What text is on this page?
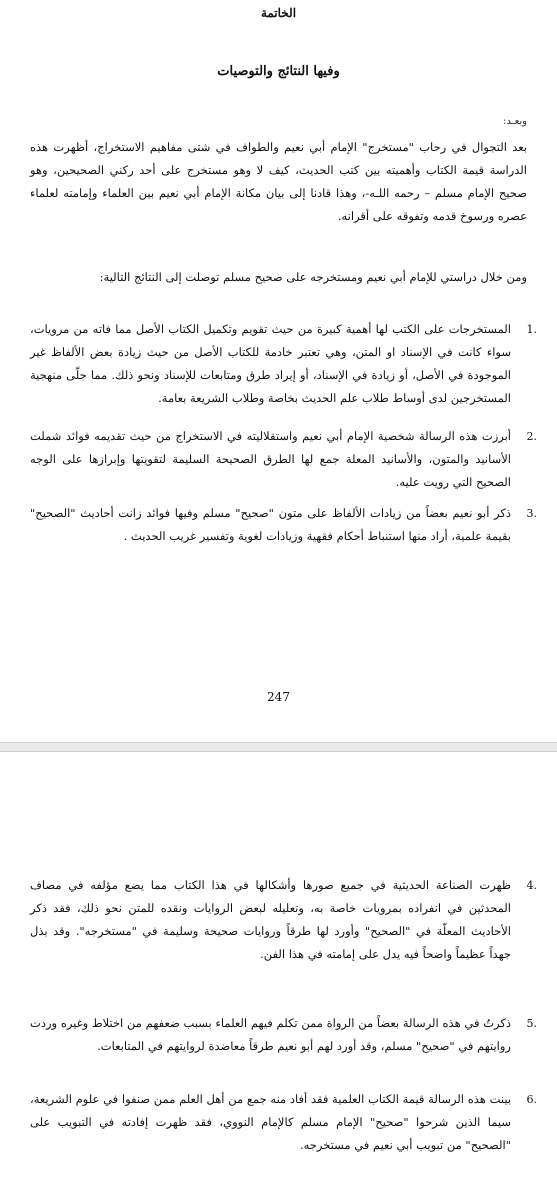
الخاتمة
وفيها النتائج والتوصيات
وبعـد:
بعد التجوال في رحاب "مستخرج" الإمام أبي نعيم والطواف في شتى مفاهيم الاستخراج، أظهرت هذه الدراسة قيمة الكتاب وأهميته بين كتب الحديث، كيف لا وهو مستخرج على أحد ركني الصحيحين، وهو صحيح الإمام مسلم – رحمه اللـه-، وهذا قادنا إلى بيان مكانة الإمام أبي نعيم بين العلماء وإمامته لعلماء عصره ورسوخ قدمه وتفوقه على أقرانه.
ومن خلال دراستي للإمام أبي نعيم ومستخرجه على صحيح مسلم توصلت إلى النتائج التالية:
1.
المستخرجات على الكتب لها أهمية كبيرة من حيث تقويم وتكميل الكتاب الأصل مما فاته من مرويات، سواء كانت في الإسناد او المتن، وهي تعتبر خادمة للكتاب الأصل من حيث زيادة بعض الألفاظ غير الموجودة في الأصل، أو زيادة في الإسناد، أو إيراد طرق ومتابعات للإسناد ونحو ذلك. مما جلّى منهجية المستخرجين لدى أوساط طلاب علم الحديث بخاصة وطلاب الشريعة بعامة.
2.
أبرزت هذه الرسالة شخصية الإمام أبي نعيم واستقلاليته في الاستخراج من حيث تقديمه فوائد شملت الأسانيد والمتون، والأسانيد المعلة جمع لها الطرق الصحيحة السليمة لتقويتها وإبرازها على الوجه الصحيح التي رويت عليه.
3.
ذكر أبو نعيم بعضاً من زيادات الألفاظ على متون "صحيح" مسلم وفيها فوائد زانت أحاديث "الصحيح" بقيمة علمية، أراد منها استنباط أحكام فقهية وزيادات لغوية وتفسير غريب الحديث .
247
4.
ظهرت الصناعة الحديثية في جميع صورها وأشكالها في هذا الكتاب مما يضع مؤلفه في مصاف المحدثين في انفراده بمرويات خاصة به، وتعليله لبعض الروايات ونقده للمتن نحو ذلك، فقد ذكر الأحاديث المعلّة في "الصحيح" وأورد لها طرقاً وروايات صحيحة وسليمة في "مستخرجه". وقد بذل جهداً عظيماً واضحاً فيه يدل على إمامته في هذا الفن.
5.
ذكرتُ في هذه الرسالة بعضاً من الرواة ممن تكلم فيهم العلماء بسبب ضعفهم من اختلاط وغيره وردت روايتهم في "صحيح" مسلم، وقد أورد لهم أبو نعيم طرقاً معاضدة لروايتهم في المتابعات.
6.
بينت هذه الرسالة قيمة الكتاب العلمية فقد أفاد منه جمع من أهل العلم ممن صنفوا في علوم الشريعة، سيما الذين شرحوا "صحيح" الإمام مسلم كالإمام النووي، فقد ظهرت إفادته في التبويب على "الصحيح" من تبويب أبي نعيم في مستخرجه.
